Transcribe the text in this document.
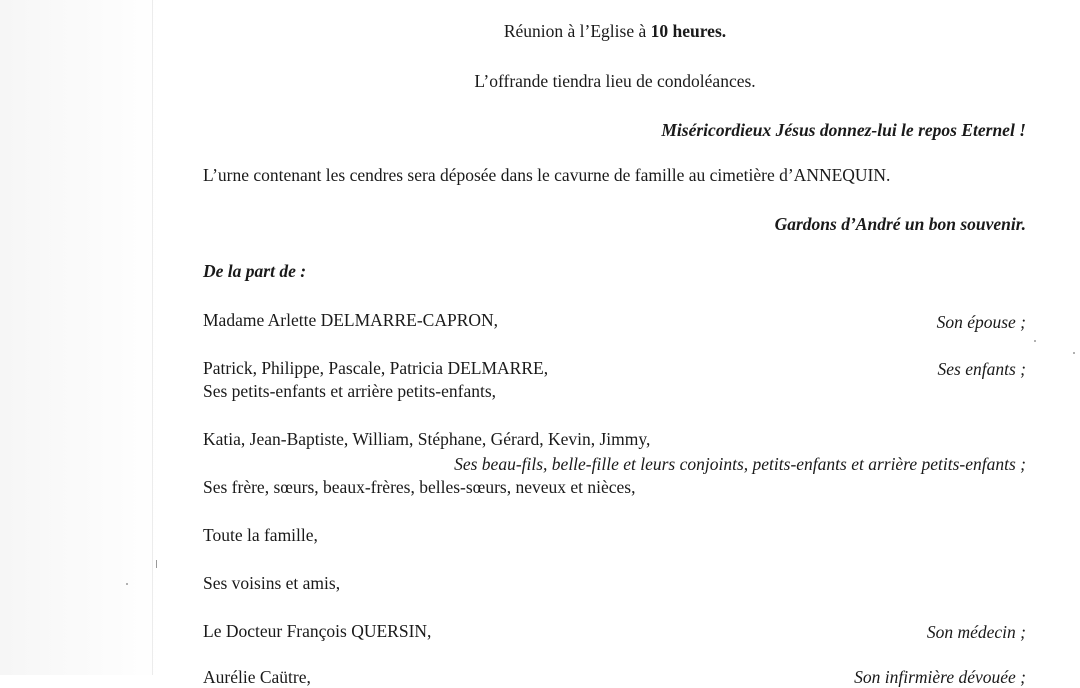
Réunion à l’Eglise à 10 heures.
L’offrande tiendra lieu de condoléances.
Miséricordieux Jésus donnez-lui le repos Eternel !
L’urne contenant les cendres sera déposée dans le cavurne de famille au cimetière d’ANNEQUIN.
Gardons d’André un bon souvenir.
De la part de :
Madame Arlette DELMARRE-CAPRON,	Son épouse ;
Patrick, Philippe, Pascale, Patricia DELMARRE,	Ses enfants ;
Ses petits-enfants et arrière petits-enfants,
Katia, Jean-Baptiste, William, Stéphane, Gérard, Kevin, Jimmy,
Ses beau-fils, belle-fille et leurs conjoints, petits-enfants et arrière petits-enfants ;
Ses frère, sœurs, beaux-frères, belles-sœurs, neveux et nièces,
Toute la famille,
Ses voisins et amis,
Le Docteur François QUERSIN,	Son médecin ;
Aurélie Caütre,	Son infirmière dévouée ;
